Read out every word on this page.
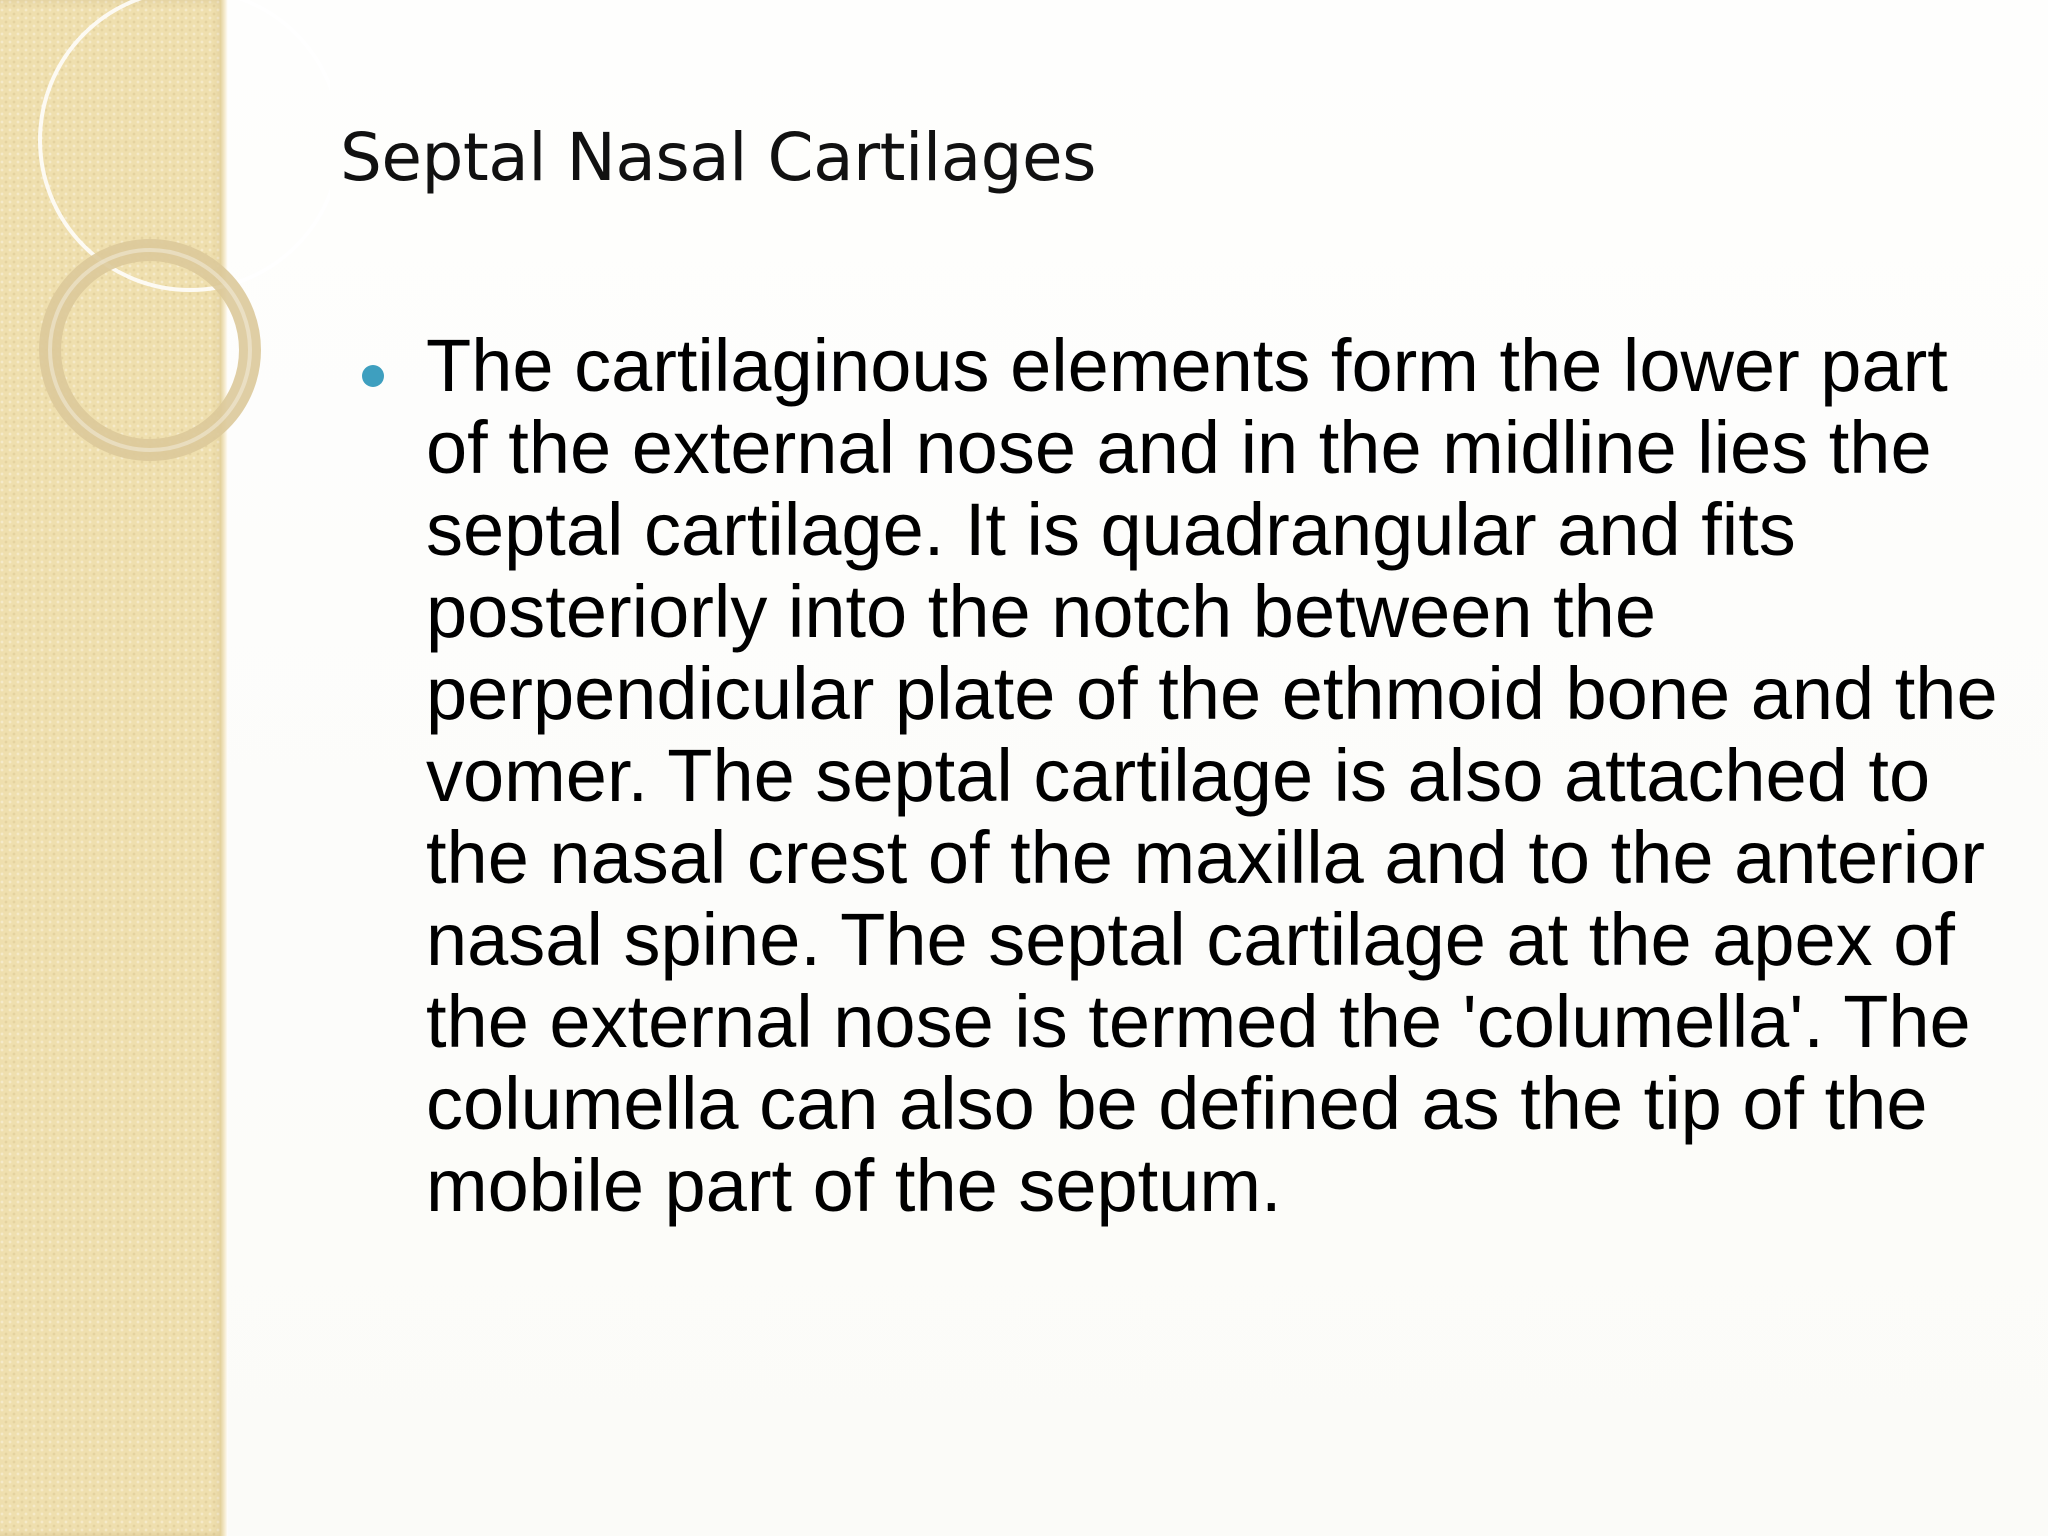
Septal Nasal Cartilages

The cartilaginous elements form the lower part of the external nose and in the midline lies the septal cartilage. It is quadrangular and fits posteriorly into the notch between the perpendicular plate of the ethmoid bone and the vomer. The septal cartilage is also attached to the nasal crest of the maxilla and to the anterior nasal spine. The septal cartilage at the apex of the external nose is termed the 'columella'. The columella can also be defined as the tip of the mobile part of the septum.
